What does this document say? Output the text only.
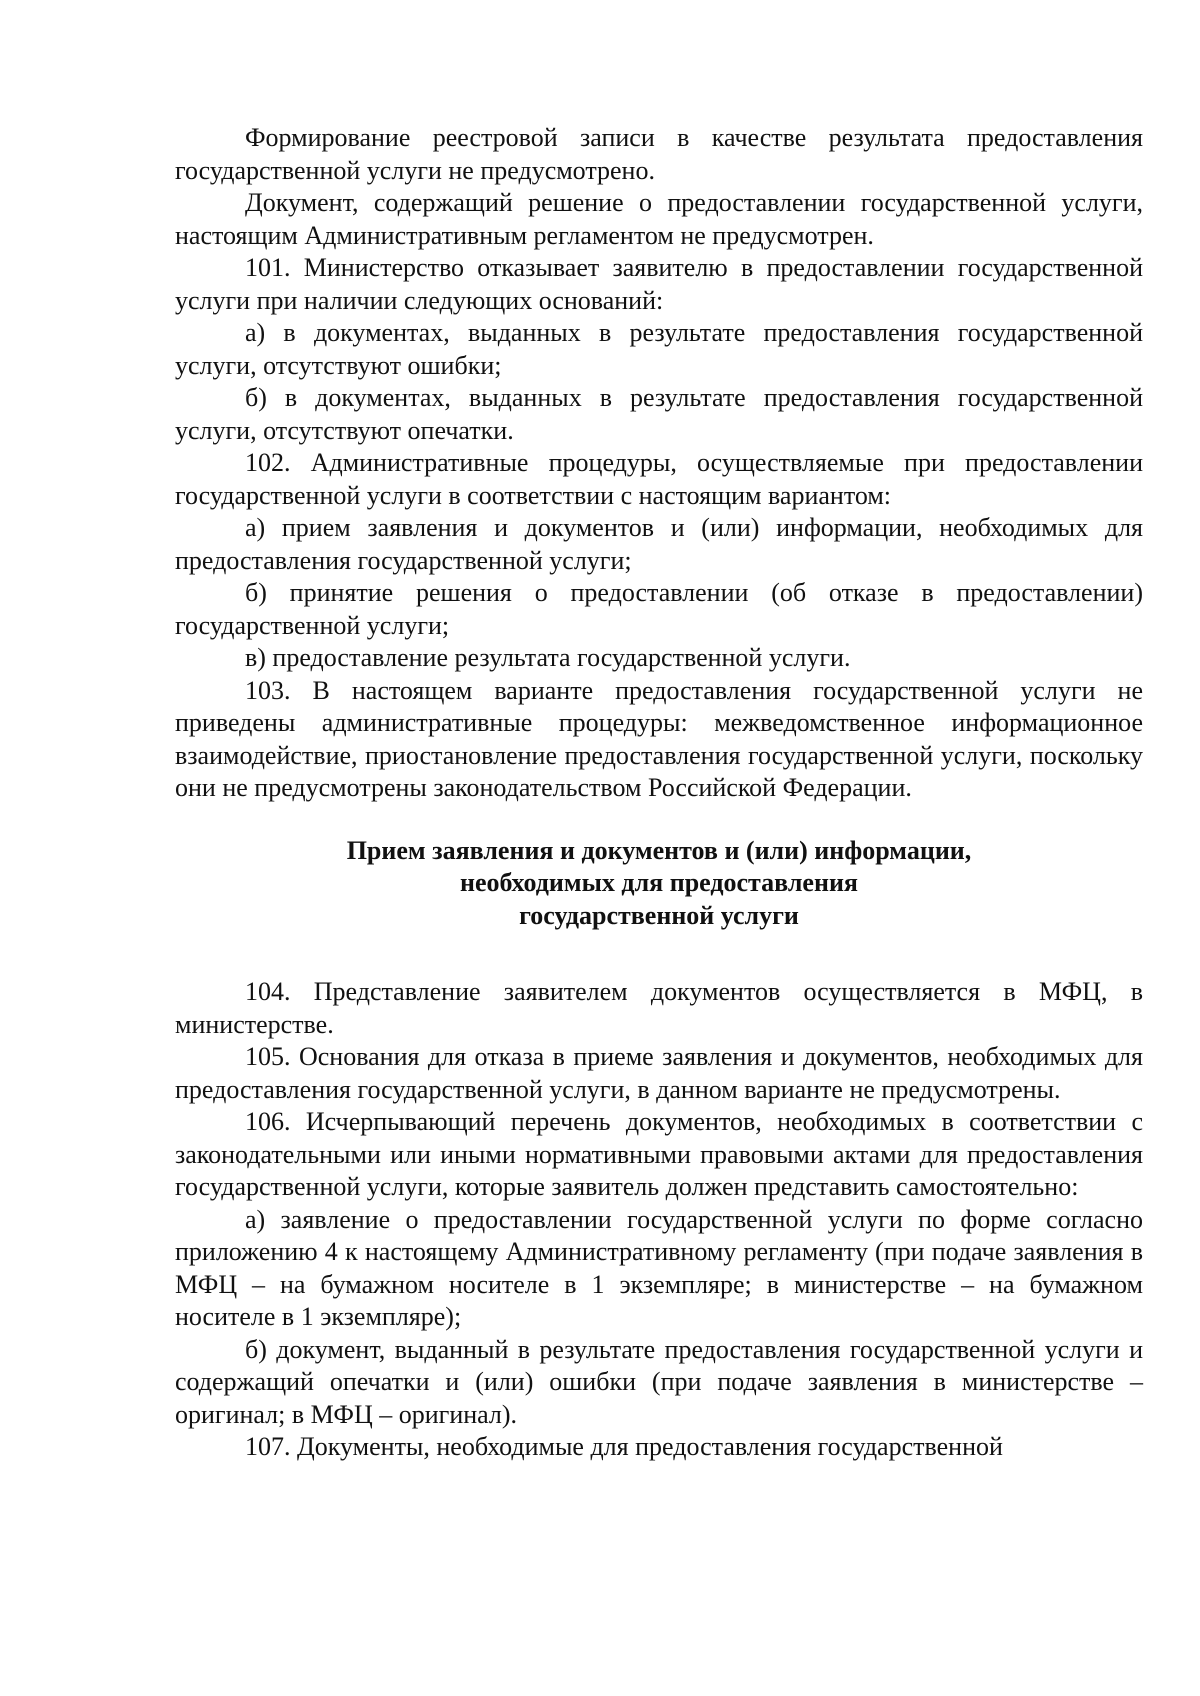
Формирование реестровой записи в качестве результата предоставления государственной услуги не предусмотрено.

Документ, содержащий решение о предоставлении государственной услуги, настоящим Административным регламентом не предусмотрен.

101. Министерство отказывает заявителю в предоставлении государственной услуги при наличии следующих оснований:

а) в документах, выданных в результате предоставления государственной услуги, отсутствуют ошибки;

б) в документах, выданных в результате предоставления государственной услуги, отсутствуют опечатки.

102. Административные процедуры, осуществляемые при предоставлении государственной услуги в соответствии с настоящим вариантом:

а) прием заявления и документов и (или) информации, необходимых для предоставления государственной услуги;

б) принятие решения о предоставлении (об отказе в предоставлении) государственной услуги;

в) предоставление результата государственной услуги.

103. В настоящем варианте предоставления государственной услуги не приведены административные процедуры: межведомственное информационное взаимодействие, приостановление предоставления государственной услуги, поскольку они не предусмотрены законодательством Российской Федерации.

Прием заявления и документов и (или) информации,
необходимых для предоставления
государственной услуги

104. Представление заявителем документов осуществляется в МФЦ, в министерстве.

105. Основания для отказа в приеме заявления и документов, необходимых для предоставления государственной услуги, в данном варианте не предусмотрены.

106. Исчерпывающий перечень документов, необходимых в соответствии с законодательными или иными нормативными правовыми актами для предоставления государственной услуги, которые заявитель должен представить самостоятельно:

а) заявление о предоставлении государственной услуги по форме согласно приложению 4 к настоящему Административному регламенту (при подаче заявления в МФЦ – на бумажном носителе в 1 экземпляре; в министерстве – на бумажном носителе в 1 экземпляре);

б) документ, выданный в результате предоставления государственной услуги и содержащий опечатки и (или) ошибки (при подаче заявления в министерстве – оригинал; в МФЦ – оригинал).

107. Документы, необходимые для предоставления государственной
